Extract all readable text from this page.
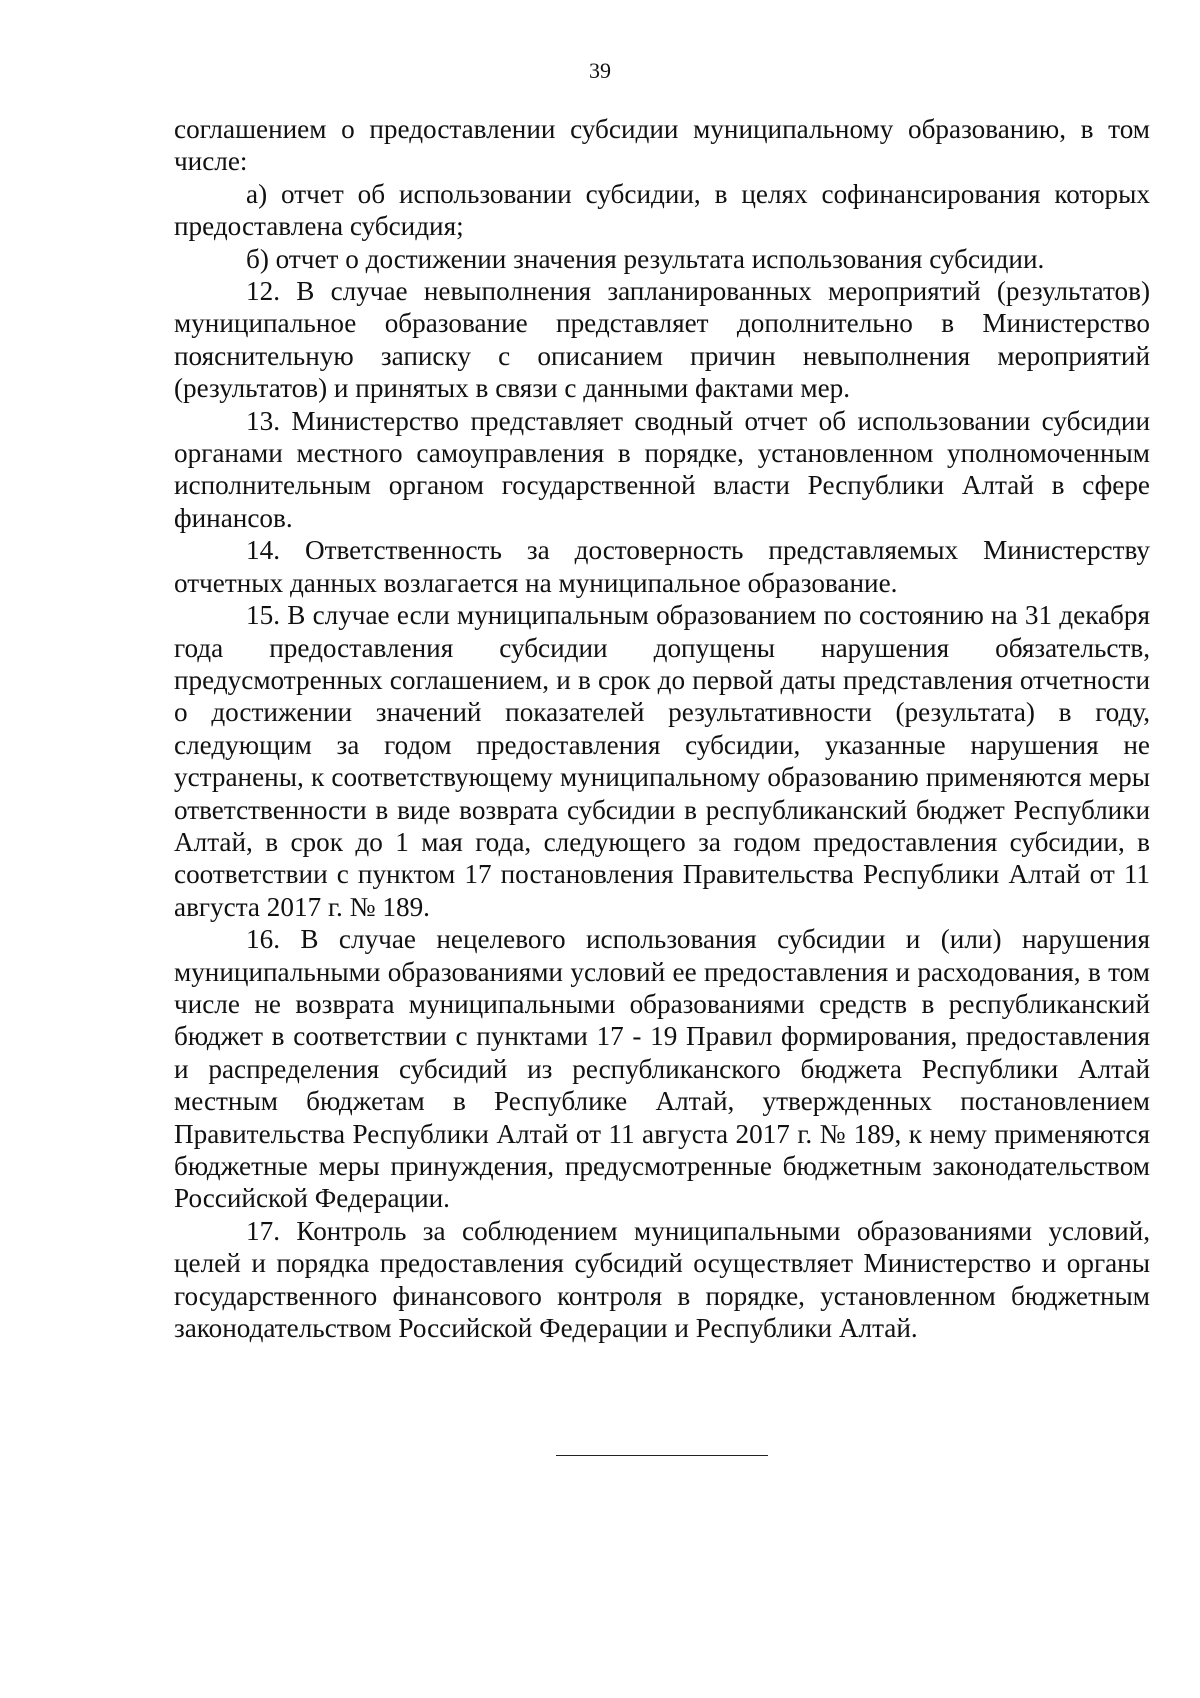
39

соглашением о предоставлении субсидии муниципальному образованию, в том числе:

а) отчет об использовании субсидии, в целях софинансирования которых предоставлена субсидия;

б) отчет о достижении значения результата использования субсидии.

12. В случае невыполнения запланированных мероприятий (результатов) муниципальное образование представляет дополнительно в Министерство пояснительную записку с описанием причин невыполнения мероприятий (результатов) и принятых в связи с данными фактами мер.

13. Министерство представляет сводный отчет об использовании субсидии органами местного самоуправления в порядке, установленном уполномоченным исполнительным органом государственной власти Республики Алтай в сфере финансов.

14. Ответственность за достоверность представляемых Министерству отчетных данных возлагается на муниципальное образование.

15. В случае если муниципальным образованием по состоянию на 31 декабря года предоставления субсидии допущены нарушения обязательств, предусмотренных соглашением, и в срок до первой даты представления отчетности о достижении значений показателей результативности (результата) в году, следующим за годом предоставления субсидии, указанные нарушения не устранены, к соответствующему муниципальному образованию применяются меры ответственности в виде возврата субсидии в республиканский бюджет Республики Алтай, в срок до 1 мая года, следующего за годом предоставления субсидии, в соответствии с пунктом 17 постановления Правительства Республики Алтай от 11 августа 2017 г. № 189.

16. В случае нецелевого использования субсидии и (или) нарушения муниципальными образованиями условий ее предоставления и расходования, в том числе не возврата муниципальными образованиями средств в республиканский бюджет в соответствии с пунктами 17 - 19 Правил формирования, предоставления и распределения субсидий из республиканского бюджета Республики Алтай местным бюджетам в Республике Алтай, утвержденных постановлением Правительства Республики Алтай от 11 августа 2017 г. № 189, к нему применяются бюджетные меры принуждения, предусмотренные бюджетным законодательством Российской Федерации.

17. Контроль за соблюдением муниципальными образованиями условий, целей и порядка предоставления субсидий осуществляет Министерство и органы государственного финансового контроля в порядке, установленном бюджетным законодательством Российской Федерации и Республики Алтай.
